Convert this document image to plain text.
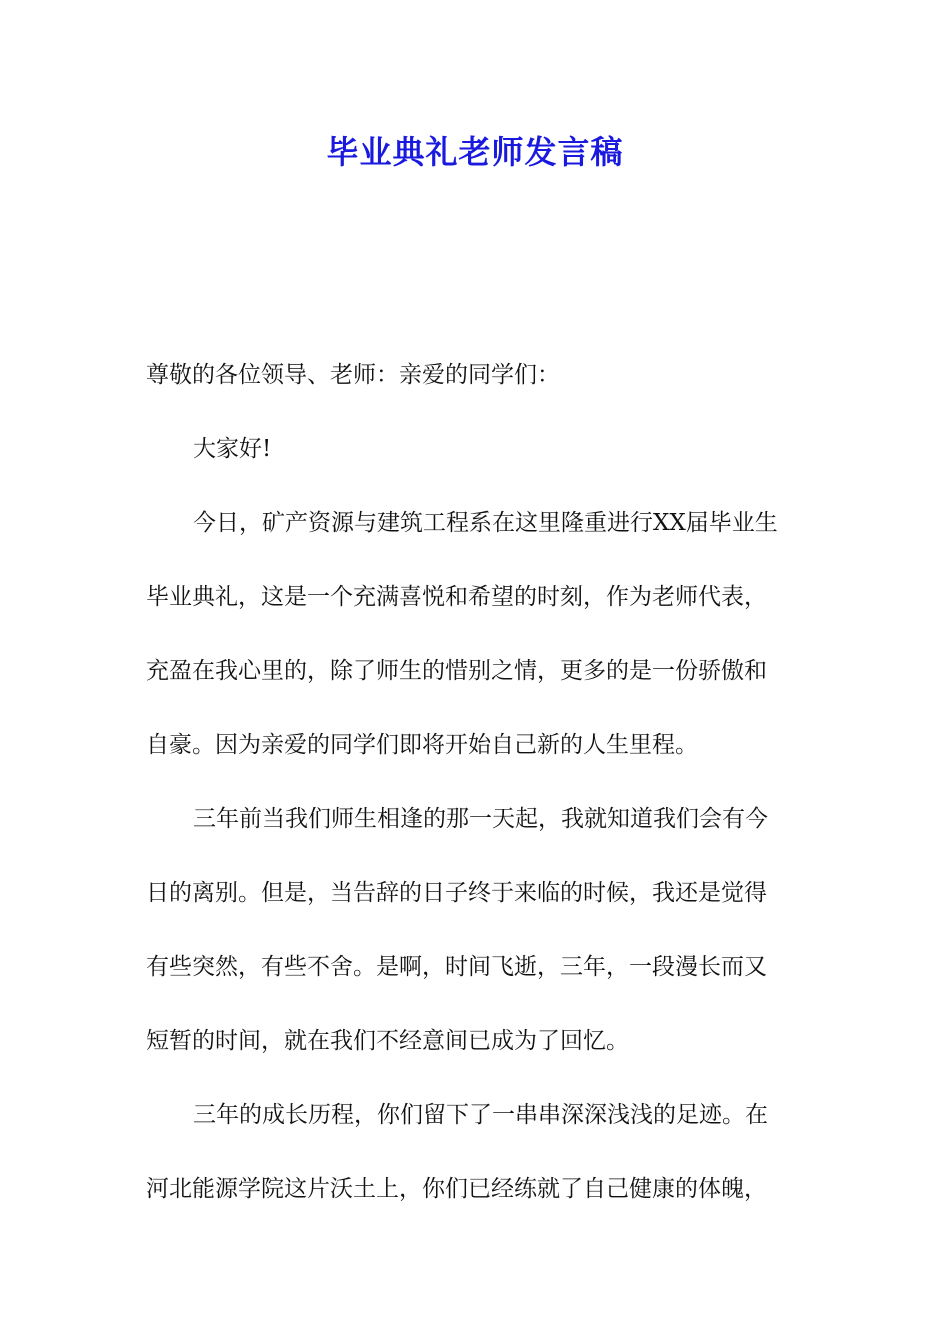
毕业典礼老师发言稿
尊敬的各位领导、老师：亲爱的同学们：
大家好!
今日，矿产资源与建筑工程系在这里隆重进行XX届毕业生
毕业典礼，这是一个充满喜悦和希望的时刻，作为老师代表，
充盈在我心里的，除了师生的惜别之情，更多的是一份骄傲和
自豪。因为亲爱的同学们即将开始自己新的人生里程。
三年前当我们师生相逢的那一天起，我就知道我们会有今
日的离别。但是，当告辞的日子终于来临的时候，我还是觉得
有些突然，有些不舍。是啊，时间飞逝，三年，一段漫长而又
短暂的时间，就在我们不经意间已成为了回忆。
三年的成长历程，你们留下了一串串深深浅浅的足迹。在
河北能源学院这片沃土上，你们已经练就了自己健康的体魄，
